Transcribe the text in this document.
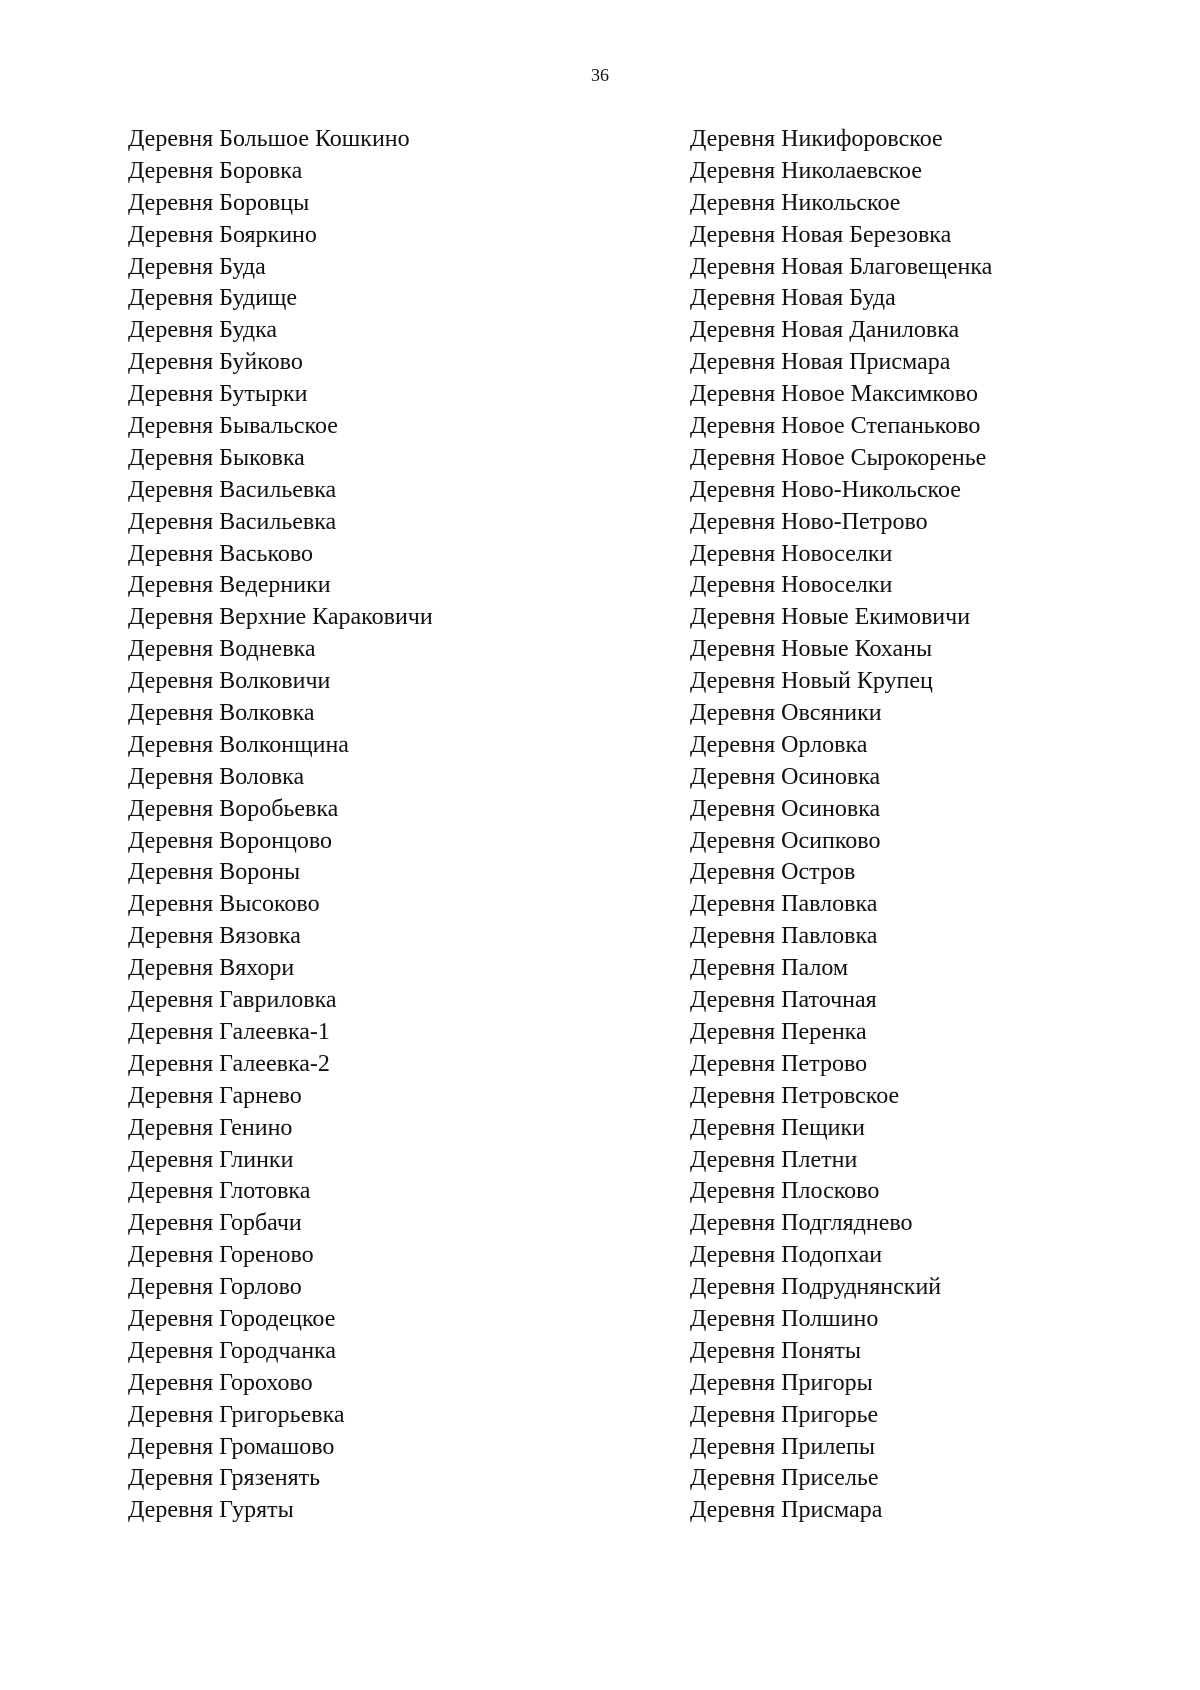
36
Деревня Большое Кошкино
Деревня Боровка
Деревня Боровцы
Деревня Бояркино
Деревня Буда
Деревня Будище
Деревня Будка
Деревня Буйково
Деревня Бутырки
Деревня Бывальское
Деревня Быковка
Деревня Васильевка
Деревня Васильевка
Деревня Васьково
Деревня Ведерники
Деревня Верхние Караковичи
Деревня Водневка
Деревня Волковичи
Деревня Волковка
Деревня Волконщина
Деревня Воловка
Деревня Воробьевка
Деревня Воронцово
Деревня Вороны
Деревня Высоково
Деревня Вязовка
Деревня Вяхори
Деревня Гавриловка
Деревня Галеевка-1
Деревня Галеевка-2
Деревня Гарнево
Деревня Генино
Деревня Глинки
Деревня Глотовка
Деревня Горбачи
Деревня Гореново
Деревня Горлово
Деревня Городецкое
Деревня Городчанка
Деревня Горохово
Деревня Григорьевка
Деревня Громашово
Деревня Грязенять
Деревня Гуряты
Деревня Никифоровское
Деревня Николаевское
Деревня Никольское
Деревня Новая Березовка
Деревня Новая Благовещенка
Деревня Новая Буда
Деревня Новая Даниловка
Деревня Новая Присмара
Деревня Новое Максимково
Деревня Новое Степаньково
Деревня Новое Сырокоренье
Деревня Ново-Никольское
Деревня Ново-Петрово
Деревня Новоселки
Деревня Новоселки
Деревня Новые Екимовичи
Деревня Новые Коханы
Деревня Новый Крупец
Деревня Овсяники
Деревня Орловка
Деревня Осиновка
Деревня Осиновка
Деревня Осипково
Деревня Остров
Деревня Павловка
Деревня Павловка
Деревня Палом
Деревня Паточная
Деревня Перенка
Деревня Петрово
Деревня Петровское
Деревня Пещики
Деревня Плетни
Деревня Плосково
Деревня Подгляднево
Деревня Подопхаи
Деревня Подруднянский
Деревня Полшино
Деревня Поняты
Деревня Пригоры
Деревня Пригорье
Деревня Прилепы
Деревня Приселье
Деревня Присмара
